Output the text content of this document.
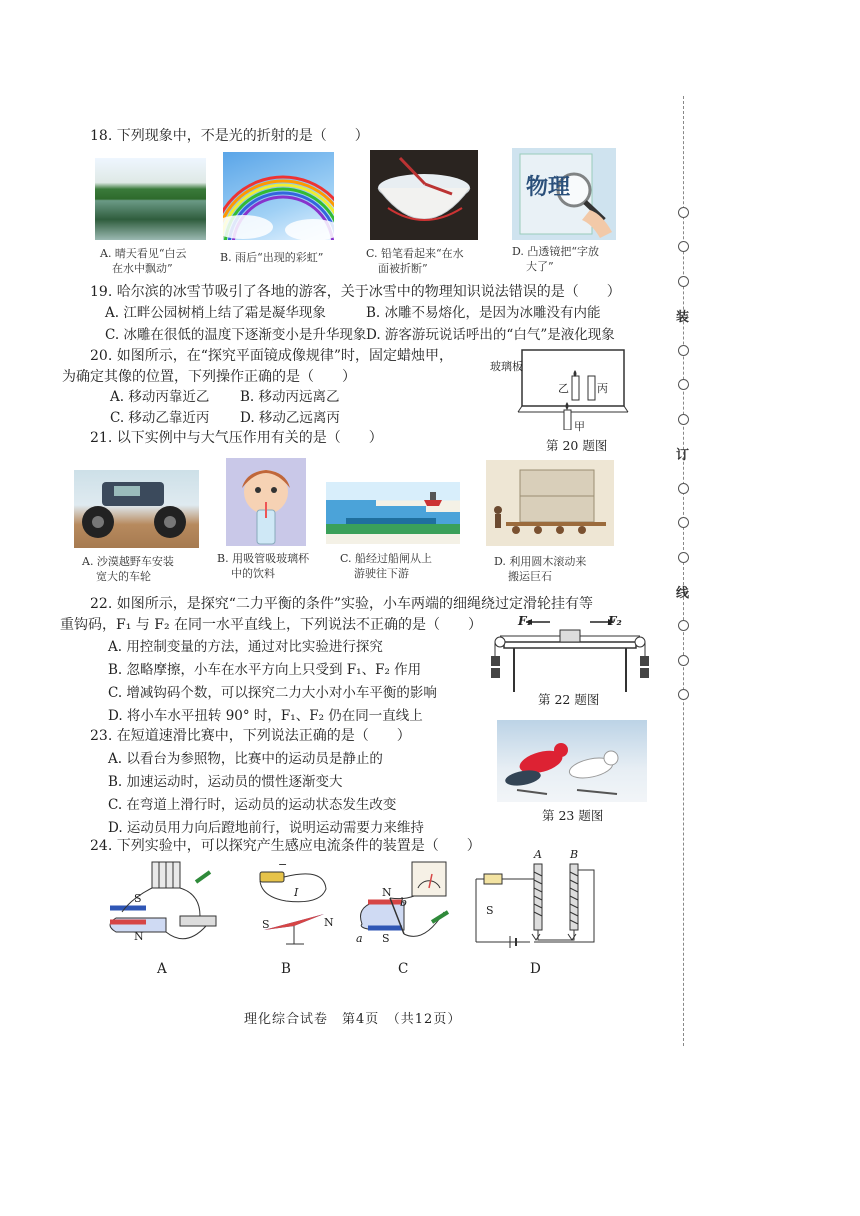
装
订
线
18. 下列现象中，不是光的折射的是（　　）
物理
A. 晴天看见“白云
在水中飘动”
B. 雨后“出现的彩虹”	C. 铅笔看起来“在水
面被折断”
D. 凸透镜把“字放
大了”
19. 哈尔滨的冰雪节吸引了各地的游客，关于冰雪中的物理知识说法错误的是（　　）
A. 江畔公园树梢上结了霜是凝华现象	B. 冰雕不易熔化，是因为冰雕没有内能
C. 冰雕在很低的温度下逐渐变小是升华现象 D. 游客游玩说话呼出的“白气”是液化现象
20. 如图所示，在“探究平面镜成像规律”时，固定蜡烛甲，
为确定其像的位置，下列操作正确的是（　　）
A. 移动丙靠近乙 B. 移动丙远离乙
C. 移动乙靠近丙 D. 移动乙远离丙
玻璃板
乙	丙
甲
第 20 题图
21. 以下实例中与大气压作用有关的是（　　）
A. 沙漠越野车安装
宽大的车轮
B. 用吸管吸玻璃杯
中的饮料
C. 船经过船闸从上
游驶往下游
D. 利用圆木滚动来
搬运巨石
22. 如图所示，是探究“二力平衡的条件”实验，小车两端的细绳绕过定滑轮挂有等
重钩码，F₁ 与 F₂ 在同一水平直线上，下列说法不正确的是（　　）
A. 用控制变量的方法，通过对比实验进行探究
B. 忽略摩擦，小车在水平方向上只受到 F₁、F₂ 作用
C. 增减钩码个数，可以探究二力大小对小车平衡的影响
D. 将小车水平扭转 90° 时，F₁、F₂ 仍在同一直线上
F₁	F₂
第 22 题图
23. 在短道速滑比赛中，下列说法正确的是（　　）
A. 以看台为参照物，比赛中的运动员是静止的
B. 加速运动时，运动员的惯性逐渐变大
C. 在弯道上滑行时，运动员的运动状态发生改变
D. 运动员用力向后蹬地前行，说明运动需要力来维持
第 23 题图
24. 下列实验中，可以探究产生感应电流条件的装置是（　　）
S
N
−
I
S	N
N
S
a
b
A	B
S
A	B	C	D
理化综合试卷　第4页　（共12页）
